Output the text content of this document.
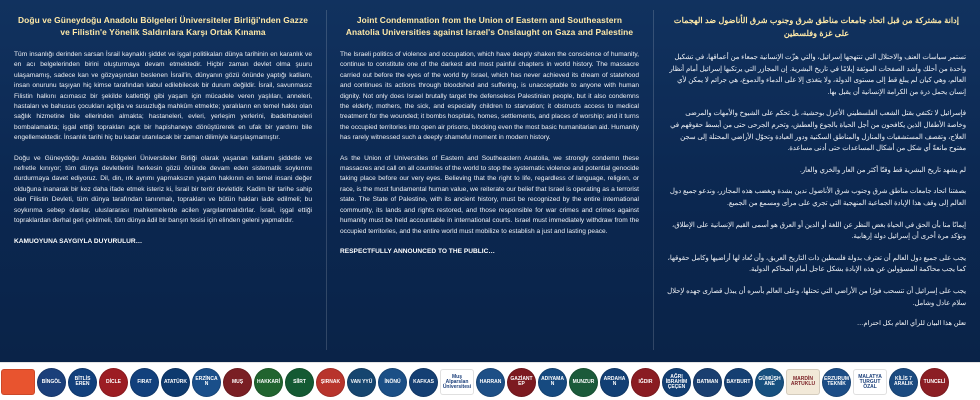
Doğu ve Güneydoğu Anadolu Bölgeleri Üniversiteler Birliği'nden Gazze ve Filistin'e Yönelik Saldırılara Karşı Ortak Kınama
Tüm insanlığı derinden sarsan İsrail kaynaklı şiddet ve işgal politikaları dünya tarihinin en karanlık ve en acı belgelerinden birini oluşturmaya devam etmektedir. Hiçbir zaman devlet olma şuuru ulaşamamış, sadece kan ve gözyaşından beslenen İsrail'in, dünyanın gözü önünde yaptığı katliam, insan onurunu taşıyan hiç kimse tarafından kabul edilebilecek bir durum değildir. İsrail, savunmasız Filistin halkını acımasız bir şekilde katlettiği gibi yaşam için mücadele veren yaşlıları, anneleri, hastaları ve bahusus çocukları açlığa ve susuzluğa mahkûm etmekte; yaralıların en temel hakkı olan sağlık hizmetine bile ellerinden almakta; hastaneleri, evleri, yerleşim yerlerini, ibadethaneleri bombalamakta; işgal ettiği toprakları açık bir hapishaneye dönüştürerek en ufak bir yardımı bile engellemektedir. İnsanlık tarihi hiç bu kadar utanılacak bir zaman dilimiyle karşılaşmamıştır.
Doğu ve Güneydoğu Anadolu Bölgeleri Üniversiteler Birliği olarak yaşanan katliamı şiddetle ve nefretle kınıyor; tüm dünya devletlerini herkesin gözü önünde devam eden sistematik soykırımı durdurmaya davet ediyoruz. Dil, din, ırk ayrımı yapmaksızın yaşam hakkının en temel insani değer olduğuna inanarak bir kez daha ifade etmek isteriz ki, İsrail bir terör devletidir. Kadim bir tarihe sahip olan Filistin Devleti, tüm dünya tarafından tanınmalı, toprakları ve bütün hakları iade edilmeli; bu soykırıma sebep olanlar, uluslararası mahkemelerde acilen yargılanmalıdırlar. İsrail, işgal ettiği topraklardan derhal geri çekilmeli, tüm dünya âdil bir barışın tesisi için elinden geleni yapmalıdır.
KAMUOYUNA SAYGIYLA DUYURULUR…
Joint Condemnation from the Union of Eastern and Southeastern Anatolia Universities against Israel's Onslaught on Gaza and Palestine
The Israeli politics of violence and occupation, which have deeply shaken the conscience of humanity, continue to constitute one of the darkest and most painful chapters in world history. The massacre carried out before the eyes of the world by Israel, which has never achieved its dream of statehood and continues its actions through bloodshed and suffering, is unacceptable to anyone with human dignity. Not only does Israel brutally target the defenseless Palestinian people, but it also condemns the elderly, mothers, the sick, and especially children to starvation; it obstructs access to medical treatment for the wounded; it bombs hospitals, homes, settlements, and places of worship; and it turns the occupied territories into open air prisons, blocking even the most basic humanitarian aid. Humanity has rarely witnessed such a deeply shameful moment in modern history.
As the Union of Universities of Eastern and Southeastern Anatolia, we strongly condemn these massacres and call on all countries of the world to stop the systematic violence and potential genocide taking place before our very eyes. Believing that the right to life, regardless of language, religion, or race, is the most fundamental human value, we reiterate our belief that Israel is operating as a terrorist state. The State of Palestine, with its ancient history, must be recognized by the entire international community, its lands and rights restored, and those responsible for war crimes and crimes against humanity must be held accountable in international courts. Israel must immediately withdraw from the occupied territories, and the entire world must mobilize to establish a just and lasting peace.
RESPECTFULLY ANNOUNCED TO THE PUBLIC…
إدانة مشتركة من قبل اتحاد جامعات مناطق شرق وجنوب شرق الأناضول ضد الهجمات على غزة وفلسطين
تستمر سياسات العنف والاحتلال التي تنتهجها إسرائيل، والتي هزّت الإنسانية جمعاء من أعماقها، في تشكيل واحدة من أحلك وأشد الصفحات الموثقة إيلامًا في تاريخ البشرية. إن المجازر التي يرتكبها إسرائيل أمام أنظار العالم، وهي كيان لم يبلغ قط إلى مستوى الدولة، ولا يتغذى إلا على الدماء والدموع، هي جرائم لا يمكن لأي إنسان يحمل ذرة من الكرامة الإنسانية أن يقبل بها.
فإسرائيل لا تكتفي بقتل الشعب الفلسطيني الأعزل بوحشية، بل تحكم على الشيوخ والأمهات والمرضى وخاصة الأطفال الذين يكافحون من أجل الحياة بالجوع والعطش، وتحرم الجرحى حتى من أبسط حقوقهم في العلاج، وتقصف المستشفيات والمنازل والمناطق السكنية ودور العبادة وتحوّل الأراضي المحتلة إلى سجن مفتوح مانعةً أي شكل من أشكال المساعدات حتى أدنى مساعدة.
لم يشهد تاريخ البشرية قط وقتًا أكثر من العار والخزي والعار.
بصفتنا اتحاد جامعات مناطق شرق وجنوب شرق الأناضول ندين بشدة وبغضب هذه المجازر، وندعو جميع دول العالم إلى وقف هذا الإبادة الجماعية المنهجية التي تجري على مرأى ومسمع من الجميع.
إيمانًا منا بأن الحق في الحياة بغض النظر عن اللغة أو الدين أو العرق هو أسمى القيم الإنسانية على الإطلاق، ونؤكد مرة أخرى أن إسرائيل دولة إرهابية.
يجب على جميع دول العالم أن تعترف بدولة فلسطين ذات التاريخ العريق، وأن تُعاد لها أراضيها وكامل حقوقها، كما يجب محاكمة المسؤولين عن هذه الإبادة بشكل عاجل أمام المحاكم الدولية.
يجب على إسرائيل أن تنسحب فورًا من الأراضي التي تحتلها، وعلى العالم بأسره أن يبذل قصارى جهده لإحلال سلام عادل وشامل.
تعلن هذا البيان للرأي العام بكل احترام…
BİNGÖL	BİTLİS EREN	DİCLE	FIRAT ATATÜRK	ERZİNCAN	MUŞ	HAKKARİ	SİİRT	ŞIRNAK VAN YYÜ İNÖNÜ	KAFKAS
Muş Alparslan Üniversitesi
HARRAN	GAZİANTEP
ADIYAMAN	MUNZUR	ARDAHAN	IĞDIR
AĞRI İBRAHİM ÇEÇEN
BATMAN BAYBURT	GÜMÜŞHANE
MARDİN ARTUKLU
ERZURUM TEKNİK
MALATYA TURGUT ÖZAL
KİLİS 7 ARALIK	TUNCELİ
